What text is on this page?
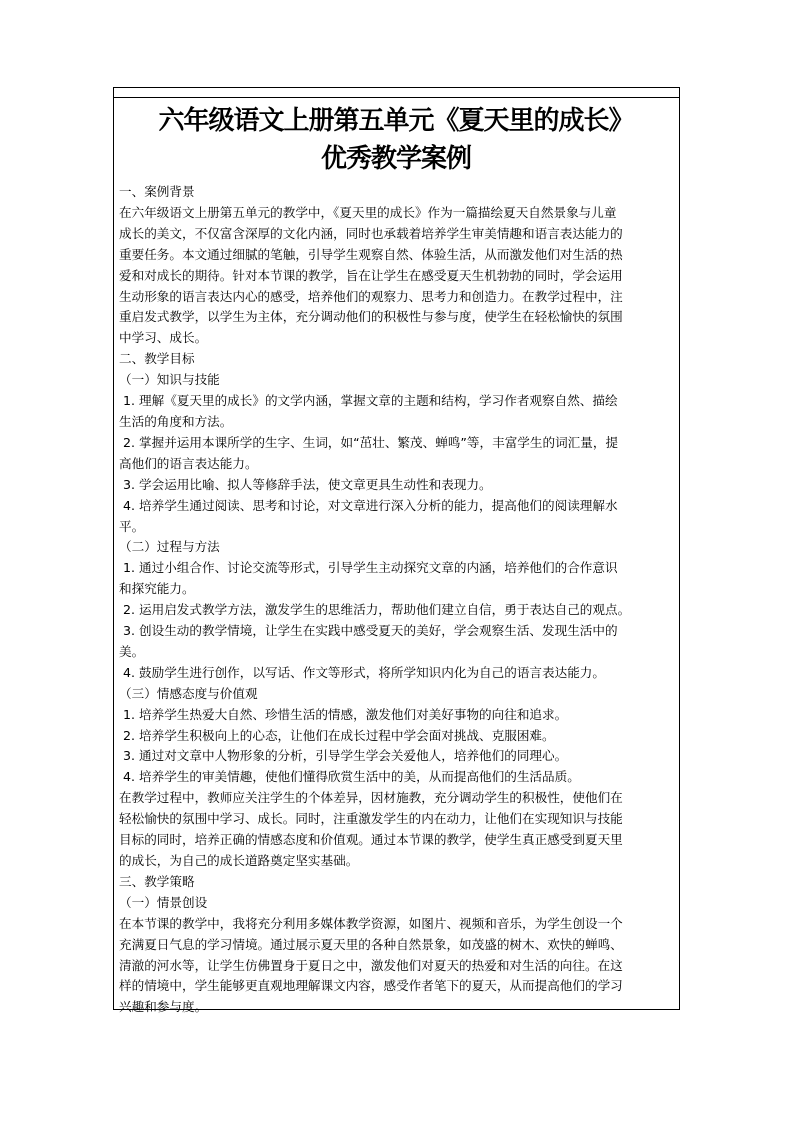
六年级语文上册第五单元《夏天里的成长》
优秀教学案例
一、案例背景
在六年级语文上册第五单元的教学中，《夏天里的成长》作为一篇描绘夏天自然景象与儿童
成长的美文，不仅富含深厚的文化内涵，同时也承载着培养学生审美情趣和语言表达能力的
重要任务。本文通过细腻的笔触，引导学生观察自然、体验生活，从而激发他们对生活的热
爱和对成长的期待。针对本节课的教学，旨在让学生在感受夏天生机勃勃的同时，学会运用
生动形象的语言表达内心的感受，培养他们的观察力、思考力和创造力。在教学过程中，注
重启发式教学，以学生为主体，充分调动他们的积极性与参与度，使学生在轻松愉快的氛围
中学习、成长。
二、教学目标
（一）知识与技能
1. 理解《夏天里的成长》的文学内涵，掌握文章的主题和结构，学习作者观察自然、描绘
生活的角度和方法。
2. 掌握并运用本课所学的生字、生词，如“茁壮、繁茂、蝉鸣”等，丰富学生的词汇量，提
高他们的语言表达能力。
3. 学会运用比喻、拟人等修辞手法，使文章更具生动性和表现力。
4. 培养学生通过阅读、思考和讨论，对文章进行深入分析的能力，提高他们的阅读理解水
平。
（二）过程与方法
1. 通过小组合作、讨论交流等形式，引导学生主动探究文章的内涵，培养他们的合作意识
和探究能力。
2. 运用启发式教学方法，激发学生的思维活力，帮助他们建立自信，勇于表达自己的观点。
3. 创设生动的教学情境，让学生在实践中感受夏天的美好，学会观察生活、发现生活中的
美。
4. 鼓励学生进行创作，以写话、作文等形式，将所学知识内化为自己的语言表达能力。
（三）情感态度与价值观
1. 培养学生热爱大自然、珍惜生活的情感，激发他们对美好事物的向往和追求。
2. 培养学生积极向上的心态，让他们在成长过程中学会面对挑战、克服困难。
3. 通过对文章中人物形象的分析，引导学生学会关爱他人，培养他们的同理心。
4. 培养学生的审美情趣，使他们懂得欣赏生活中的美，从而提高他们的生活品质。
在教学过程中，教师应关注学生的个体差异，因材施教，充分调动学生的积极性，使他们在
轻松愉快的氛围中学习、成长。同时，注重激发学生的内在动力，让他们在实现知识与技能
目标的同时，培养正确的情感态度和价值观。通过本节课的教学，使学生真正感受到夏天里
的成长，为自己的成长道路奠定坚实基础。
三、教学策略
（一）情景创设
在本节课的教学中，我将充分利用多媒体教学资源，如图片、视频和音乐，为学生创设一个
充满夏日气息的学习情境。通过展示夏天里的各种自然景象，如茂盛的树木、欢快的蝉鸣、
清澈的河水等，让学生仿佛置身于夏日之中，激发他们对夏天的热爱和对生活的向往。在这
样的情境中，学生能够更直观地理解课文内容，感受作者笔下的夏天，从而提高他们的学习
兴趣和参与度。
